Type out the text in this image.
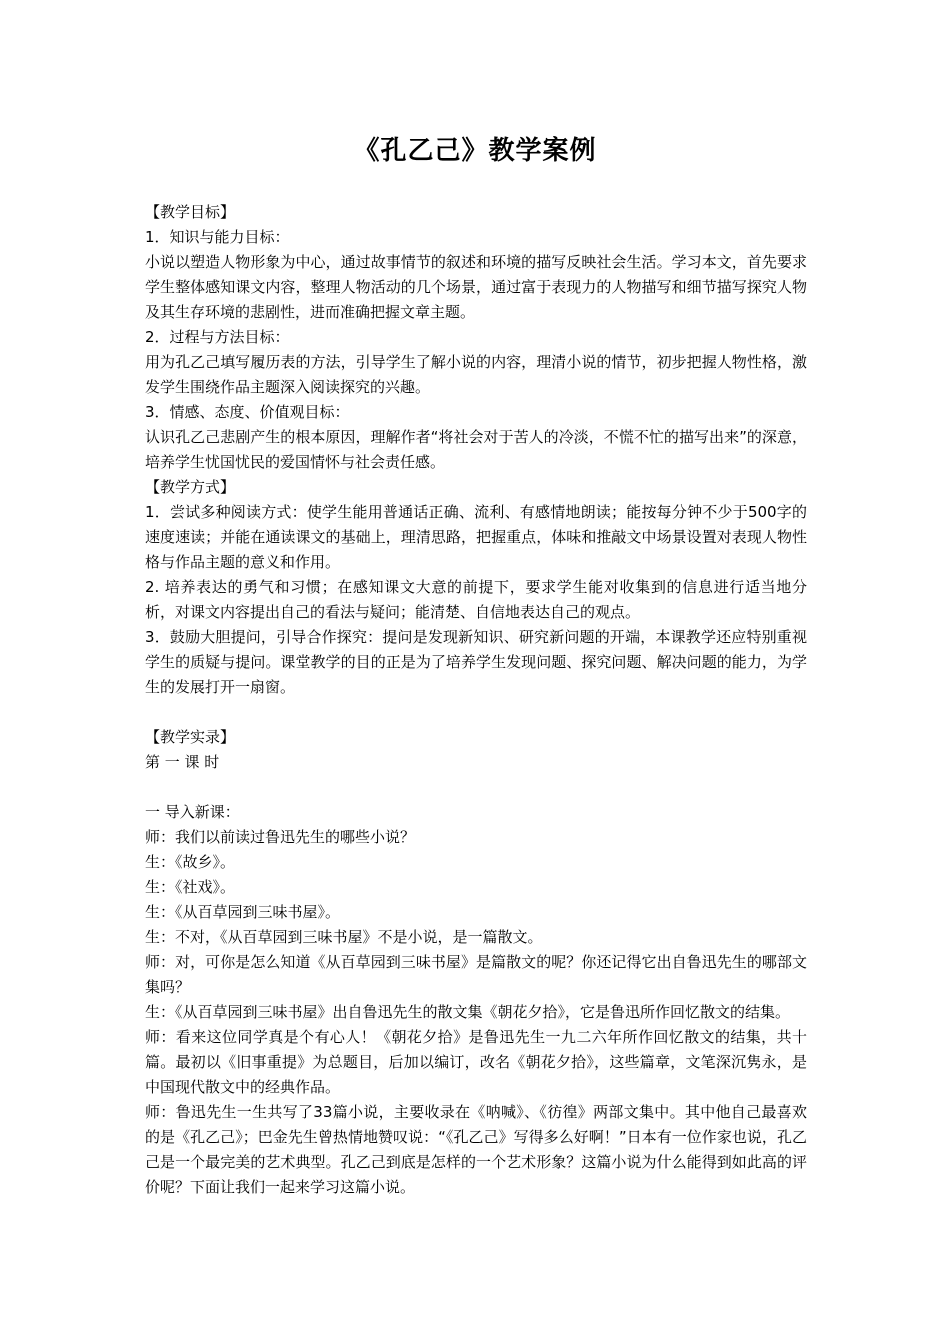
《孔乙己》教学案例

【教学目标】

1．知识与能力目标：

小说以塑造人物形象为中心，通过故事情节的叙述和环境的描写反映社会生活。学习本文，首先要求学生整体感知课文内容，整理人物活动的几个场景，通过富于表现力的人物描写和细节描写探究人物及其生存环境的悲剧性，进而准确把握文章主题。

2．过程与方法目标：

用为孔乙己填写履历表的方法，引导学生了解小说的内容，理清小说的情节，初步把握人物性格，激发学生围绕作品主题深入阅读探究的兴趣。

3．情感、态度、价值观目标：

认识孔乙己悲剧产生的根本原因，理解作者“将社会对于苦人的冷淡，不慌不忙的描写出来”的深意，培养学生忧国忧民的爱国情怀与社会责任感。

【教学方式】

1．尝试多种阅读方式：使学生能用普通话正确、流利、有感情地朗读；能按每分钟不少于500字的速度速读；并能在通读课文的基础上，理清思路，把握重点，体味和推敲文中场景设置对表现人物性格与作品主题的意义和作用。

2. 培养表达的勇气和习惯；在感知课文大意的前提下，要求学生能对收集到的信息进行适当地分析，对课文内容提出自己的看法与疑问；能清楚、自信地表达自己的观点。

3．鼓励大胆提问，引导合作探究：提问是发现新知识、研究新问题的开端，本课教学还应特别重视学生的质疑与提问。课堂教学的目的正是为了培养学生发现问题、探究问题、解决问题的能力，为学生的发展打开一扇窗。

【教学实录】

第 一 课 时

一 导入新课：

师：我们以前读过鲁迅先生的哪些小说？

生：《故乡》。

生：《社戏》。

生：《从百草园到三味书屋》。

生：不对，《从百草园到三味书屋》不是小说，是一篇散文。

师：对，可你是怎么知道《从百草园到三味书屋》是篇散文的呢？你还记得它出自鲁迅先生的哪部文集吗？

生：《从百草园到三味书屋》出自鲁迅先生的散文集《朝花夕拾》，它是鲁迅所作回忆散文的结集。

师：看来这位同学真是个有心人！《朝花夕拾》是鲁迅先生一九二六年所作回忆散文的结集，共十篇。最初以《旧事重提》为总题目，后加以编订，改名《朝花夕拾》，这些篇章，文笔深沉隽永，是中国现代散文中的经典作品。

师：鲁迅先生一生共写了33篇小说，主要收录在《呐喊》、《彷徨》两部文集中。其中他自己最喜欢的是《孔乙己》；巴金先生曾热情地赞叹说：“《孔乙己》写得多么好啊！”日本有一位作家也说，孔乙己是一个最完美的艺术典型。孔乙己到底是怎样的一个艺术形象？这篇小说为什么能得到如此高的评价呢？下面让我们一起来学习这篇小说。
